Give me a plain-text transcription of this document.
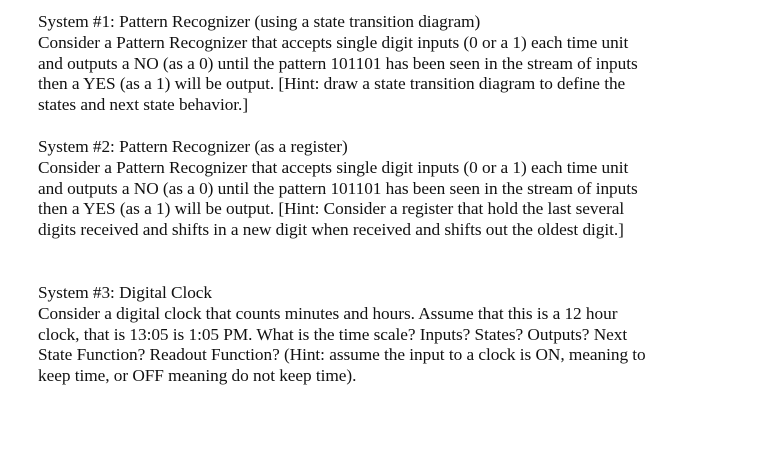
System #1: Pattern Recognizer (using a state transition diagram)
Consider a Pattern Recognizer that accepts single digit inputs (0 or a 1) each time unit
and outputs a NO (as a 0) until the pattern 101101 has been seen in the stream of inputs
then a YES (as a 1) will be output. [Hint: draw a state transition diagram to define the
states and next state behavior.]
System #2: Pattern Recognizer (as a register)
Consider a Pattern Recognizer that accepts single digit inputs (0 or a 1) each time unit
and outputs a NO (as a 0) until the pattern 101101 has been seen in the stream of inputs
then a YES (as a 1) will be output. [Hint: Consider a register that hold the last several
digits received and shifts in a new digit when received and shifts out the oldest digit.]
System #3: Digital Clock
Consider a digital clock that counts minutes and hours. Assume that this is a 12 hour
clock, that is 13:05 is 1:05 PM. What is the time scale? Inputs? States? Outputs? Next
State Function? Readout Function? (Hint: assume the input to a clock is ON, meaning to
keep time, or OFF meaning do not keep time).
